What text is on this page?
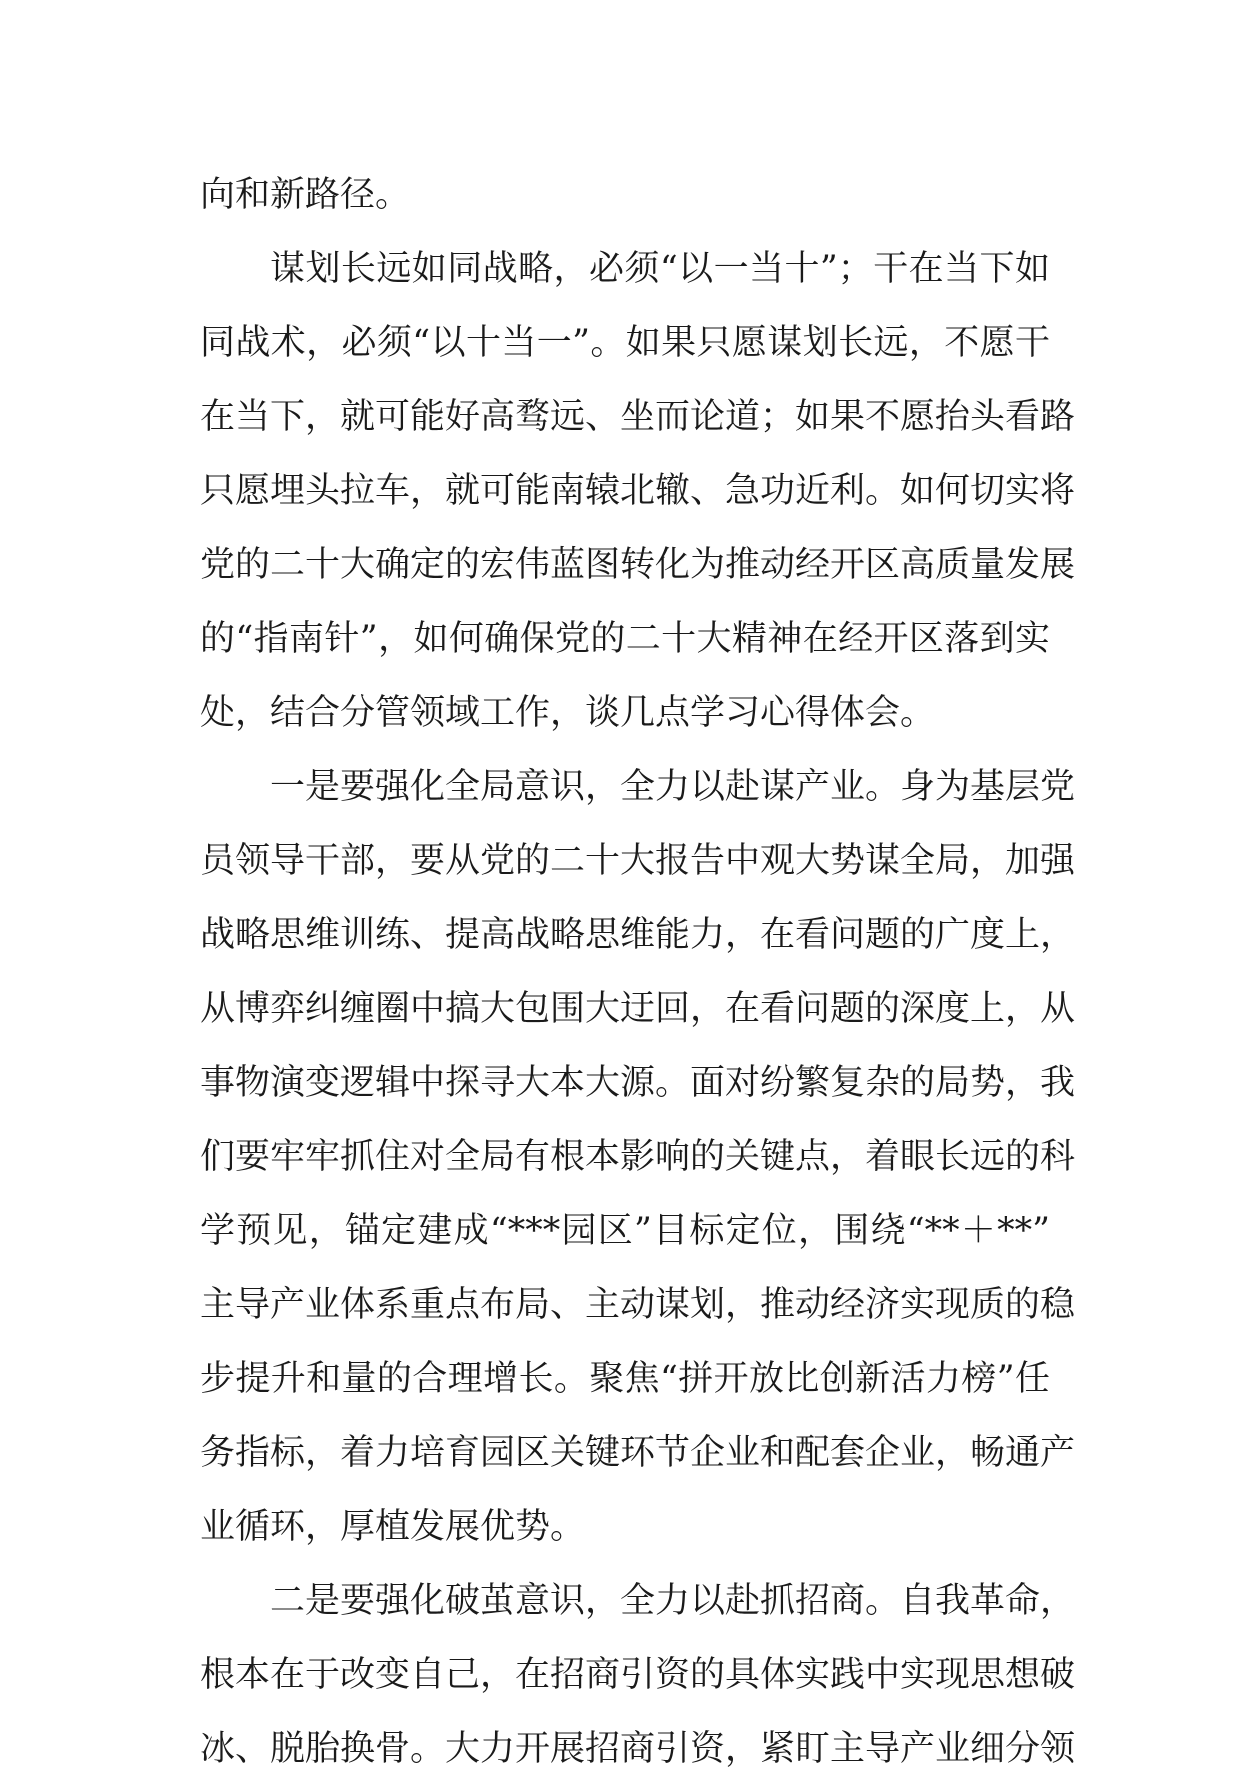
向和新路径。
谋划长远如同战略，必须“以一当十”；干在当下如
同战术，必须“以十当一”。如果只愿谋划长远，不愿干
在当下，就可能好高骛远、坐而论道；如果不愿抬头看路
只愿埋头拉车，就可能南辕北辙、急功近利。如何切实将
党的二十大确定的宏伟蓝图转化为推动经开区高质量发展
的“指南针”，如何确保党的二十大精神在经开区落到实
处，结合分管领域工作，谈几点学习心得体会。
一是要强化全局意识，全力以赴谋产业。身为基层党
员领导干部，要从党的二十大报告中观大势谋全局，加强
战略思维训练、提高战略思维能力，在看问题的广度上，
从博弈纠缠圈中搞大包围大迂回，在看问题的深度上，从
事物演变逻辑中探寻大本大源。面对纷繁复杂的局势，我
们要牢牢抓住对全局有根本影响的关键点，着眼长远的科
学预见，锚定建成“***园区”目标定位，围绕“**＋**”
主导产业体系重点布局、主动谋划，推动经济实现质的稳
步提升和量的合理增长。聚焦“拼开放比创新活力榜”任
务指标，着力培育园区关键环节企业和配套企业，畅通产
业循环，厚植发展优势。
二是要强化破茧意识，全力以赴抓招商。自我革命，
根本在于改变自己，在招商引资的具体实践中实现思想破
冰、脱胎换骨。大力开展招商引资，紧盯主导产业细分领
